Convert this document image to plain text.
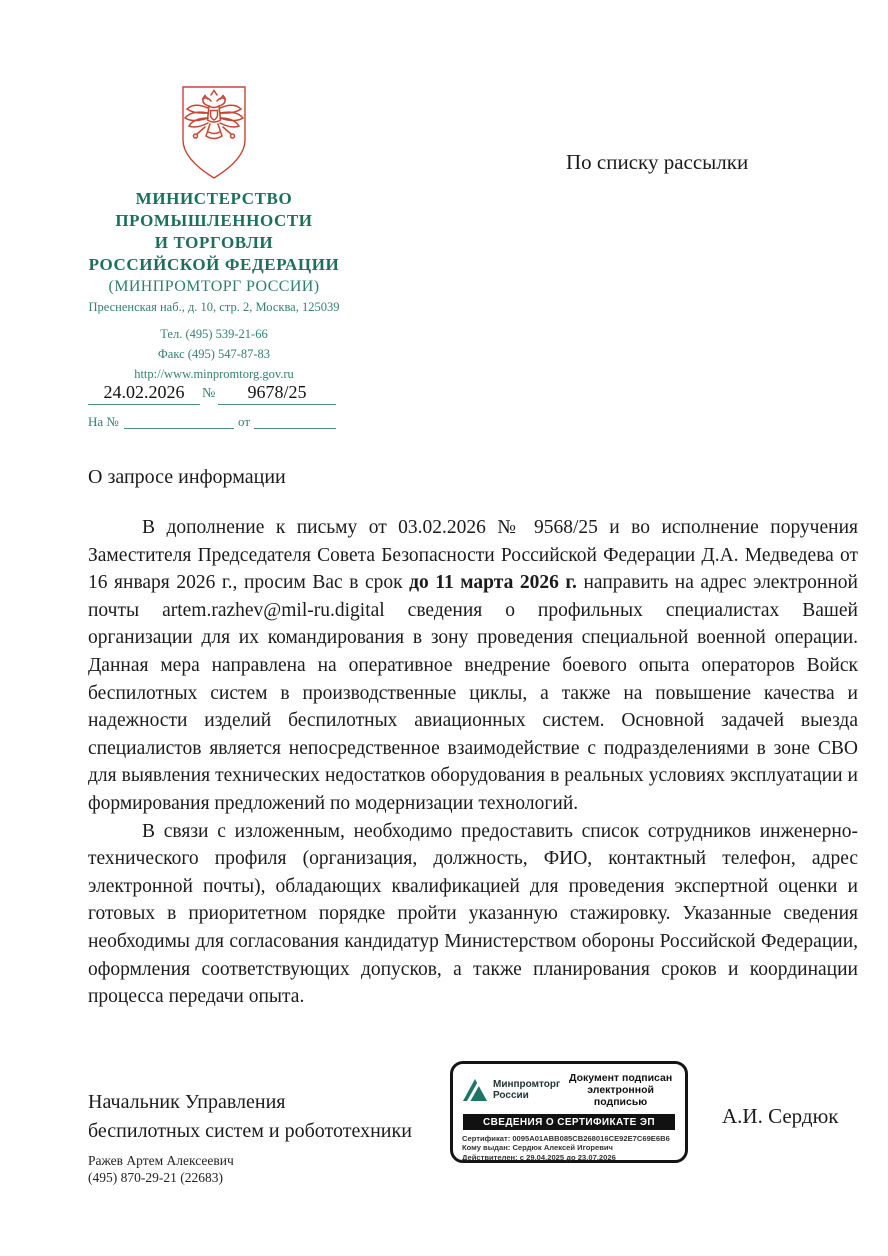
МИНИСТЕРСТВО
ПРОМЫШЛЕННОСТИ
И ТОРГОВЛИ
РОССИЙСКОЙ ФЕДЕРАЦИИ
(МИНПРОМТОРГ РОССИИ)
Пресненская наб., д. 10, стр. 2, Москва, 125039
Тел. (495) 539-21-66
Факс (495) 547-87-83
http://www.minpromtorg.gov.ru
24.02.2026	№	9678/25
На №	от
По списку рассылки
О запросе информации

В дополнение к письму от 03.02.2026 № 9568/25 и во исполнение поручения Заместителя Председателя Совета Безопасности Российской Федерации Д.А. Медведева от 16 января 2026 г., просим Вас в срок до 11 марта 2026 г. направить на адрес электронной почты artem.razhev@mil-ru.digital сведения о профильных специалистах Вашей организации для их командирования в зону проведения специальной военной операции. Данная мера направлена на оперативное внедрение боевого опыта операторов Войск беспилотных систем в производственные циклы, а также на повышение качества и надежности изделий беспилотных авиационных систем. Основной задачей выезда специалистов является непосредственное взаимодействие с подразделениями в зоне СВО для выявления технических недостатков оборудования в реальных условиях эксплуатации и формирования предложений по модернизации технологий.

В связи с изложенным, необходимо предоставить список сотрудников инженерно-технического профиля (организация, должность, ФИО, контактный телефон, адрес электронной почты), обладающих квалификацией для проведения экспертной оценки и готовых в приоритетном порядке пройти указанную стажировку. Указанные сведения необходимы для согласования кандидатур Министерством обороны Российской Федерации, оформления соответствующих допусков, а также планирования сроков и координации процесса передачи опыта.

Начальник Управления
беспилотных систем и робототехники
Ражев Артем Алексеевич
(495) 870-29-21 (22683)
Минпромторг
России
Документ подписан
электронной подписью
СВЕДЕНИЯ О СЕРТИФИКАТЕ ЭП
Сертификат: 0095A01ABB085CB268016CE92E7C69E6B6
Кому выдан: Сердюк Алексей Игоревич
Действителен: с 29.04.2025 до 23.07.2026
А.И. Сердюк
